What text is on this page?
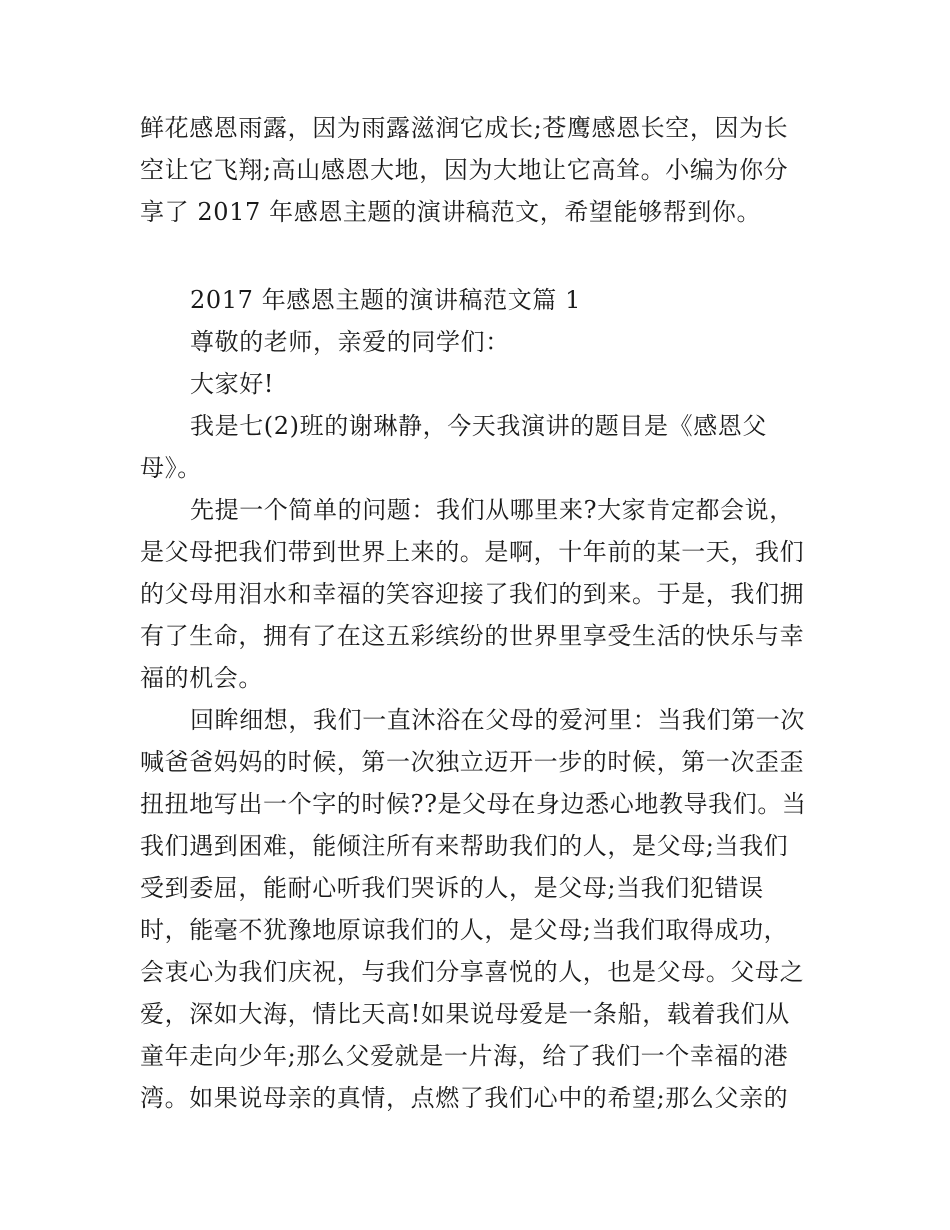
鲜花感恩雨露，因为雨露滋润它成长;苍鹰感恩长空，因为长
空让它飞翔;高山感恩大地，因为大地让它高耸。小编为你分
享了 2017 年感恩主题的演讲稿范文，希望能够帮到你。
2017 年感恩主题的演讲稿范文篇 1
尊敬的老师，亲爱的同学们：
大家好!
我是七(2)班的谢琳静，今天我演讲的题目是《感恩父
母》。
先提一个简单的问题：我们从哪里来?大家肯定都会说，
是父母把我们带到世界上来的。是啊，十年前的某一天，我们
的父母用泪水和幸福的笑容迎接了我们的到来。于是，我们拥
有了生命，拥有了在这五彩缤纷的世界里享受生活的快乐与幸
福的机会。
回眸细想，我们一直沐浴在父母的爱河里：当我们第一次
喊爸爸妈妈的时候，第一次独立迈开一步的时候，第一次歪歪
扭扭地写出一个字的时候??是父母在身边悉心地教导我们。当
我们遇到困难，能倾注所有来帮助我们的人，是父母;当我们
受到委屈，能耐心听我们哭诉的人，是父母;当我们犯错误
时，能毫不犹豫地原谅我们的人，是父母;当我们取得成功，
会衷心为我们庆祝，与我们分享喜悦的人，也是父母。父母之
爱，深如大海，情比天高!如果说母爱是一条船，载着我们从
童年走向少年;那么父爱就是一片海，给了我们一个幸福的港
湾。如果说母亲的真情，点燃了我们心中的希望;那么父亲的
